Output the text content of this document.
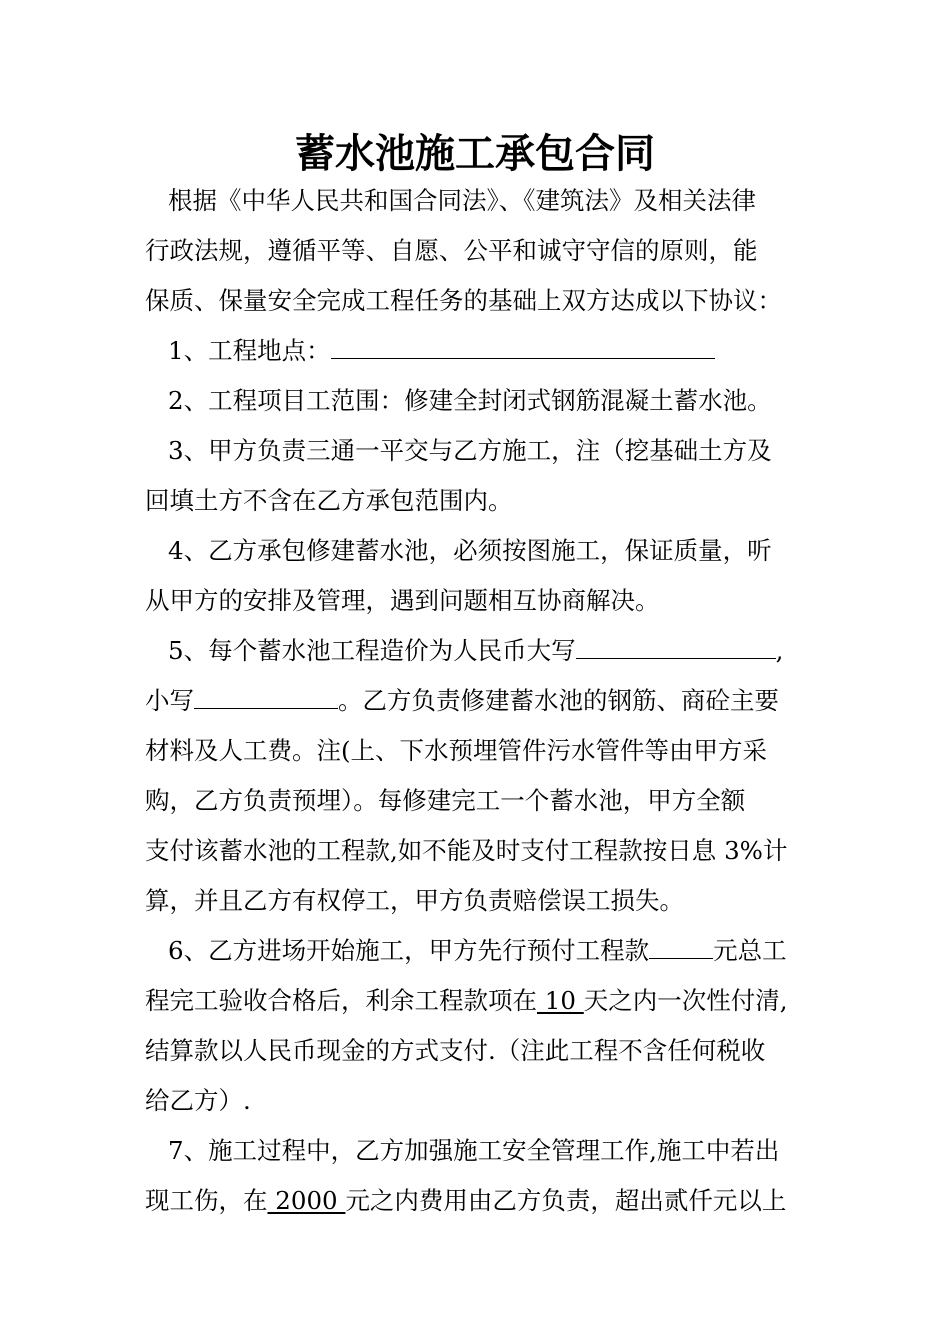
蓄水池施工承包合同
根据《中华人民共和国合同法》、《建筑法》及相关法律
行政法规，遵循平等、自愿、公平和诚守守信的原则，能
保质、保量安全完成工程任务的基础上双方达成以下协议：
1、工程地点：
2、工程项目工范围：修建全封闭式钢筋混凝土蓄水池。
3、甲方负责三通一平交与乙方施工，注（挖基础土方及
回填土方不含在乙方承包范围内。
4、乙方承包修建蓄水池，必须按图施工，保证质量，听
从甲方的安排及管理，遇到问题相互协商解决。
5、每个蓄水池工程造价为人民币大写	,
小写	。乙方负责修建蓄水池的钢筋、商砼主要
材料及人工费。注(上、下水预埋管件污水管件等由甲方采
购，乙方负责预埋）。每修建完工一个蓄水池，甲方全额
支付该蓄水池的工程款,如不能及时支付工程款按日息 3%计
算，并且乙方有权停工，甲方负责赔偿误工损失。
6、乙方进场开始施工，甲方先行预付工程款	元总工
程完工验收合格后，利余工程款项在 10 天之内一次性付清,
结算款以人民币现金的方式支付.（注此工程不含任何税收
给乙方）.
7、施工过程中，乙方加强施工安全管理工作,施工中若出
现工伤，在 2000 元之内费用由乙方负责，超出贰仟元以上
